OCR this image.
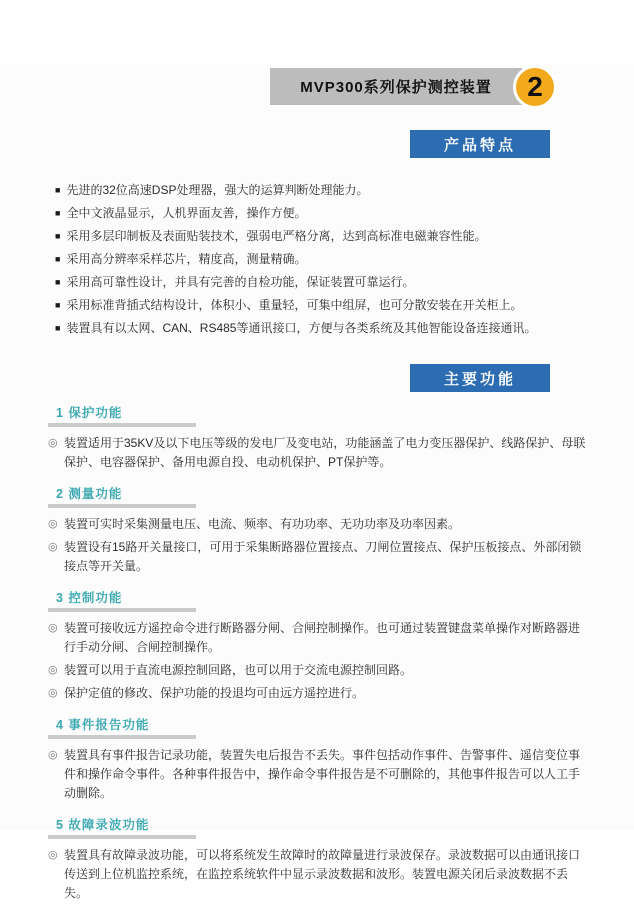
MVP300系列保护测控装置 2
产品特点
■ 先进的32位高速DSP处理器，强大的运算判断处理能力。
■ 全中文液晶显示，人机界面友善，操作方便。
■ 采用多层印制板及表面贴装技术，强弱电严格分离，达到高标准电磁兼容性能。
■ 采用高分辨率采样芯片，精度高，测量精确。
■ 采用高可靠性设计，并具有完善的自检功能，保证装置可靠运行。
■ 采用标准背插式结构设计，体积小、重量轻，可集中组屏，也可分散安装在开关柜上。
■ 装置具有以太网、CAN、RS485等通讯接口，方便与各类系统及其他智能设备连接通讯。
主要功能
1 保护功能
◎ 装置适用于35KV及以下电压等级的发电厂及变电站，功能涵盖了电力变压器保护、线路保护、母联保护、电容器保护、备用电源自投、电动机保护、PT保护等。
2 测量功能
◎ 装置可实时采集测量电压、电流、频率、有功功率、无功功率及功率因素。
◎ 装置设有15路开关量接口，可用于采集断路器位置接点、刀闸位置接点、保护压板接点、外部闭锁接点等开关量。
3 控制功能
◎ 装置可接收远方遥控命令进行断路器分闸、合闸控制操作。也可通过装置键盘菜单操作对断路器进行手动分闸、合闸控制操作。
◎ 装置可以用于直流电源控制回路，也可以用于交流电源控制回路。
◎ 保护定值的修改、保护功能的投退均可由远方遥控进行。
4 事件报告功能
◎ 装置具有事件报告记录功能，装置失电后报告不丢失。事件包括动作事件、告警事件、遥信变位事件和操作命令事件。各种事件报告中，操作命令事件报告是不可删除的，其他事件报告可以人工手动删除。
5 故障录波功能
◎ 装置具有故障录波功能，可以将系统发生故障时的故障量进行录波保存。录波数据可以由通讯接口传送到上位机监控系统，在监控系统软件中显示录波数据和波形。装置电源关闭后录波数据不丢失。
